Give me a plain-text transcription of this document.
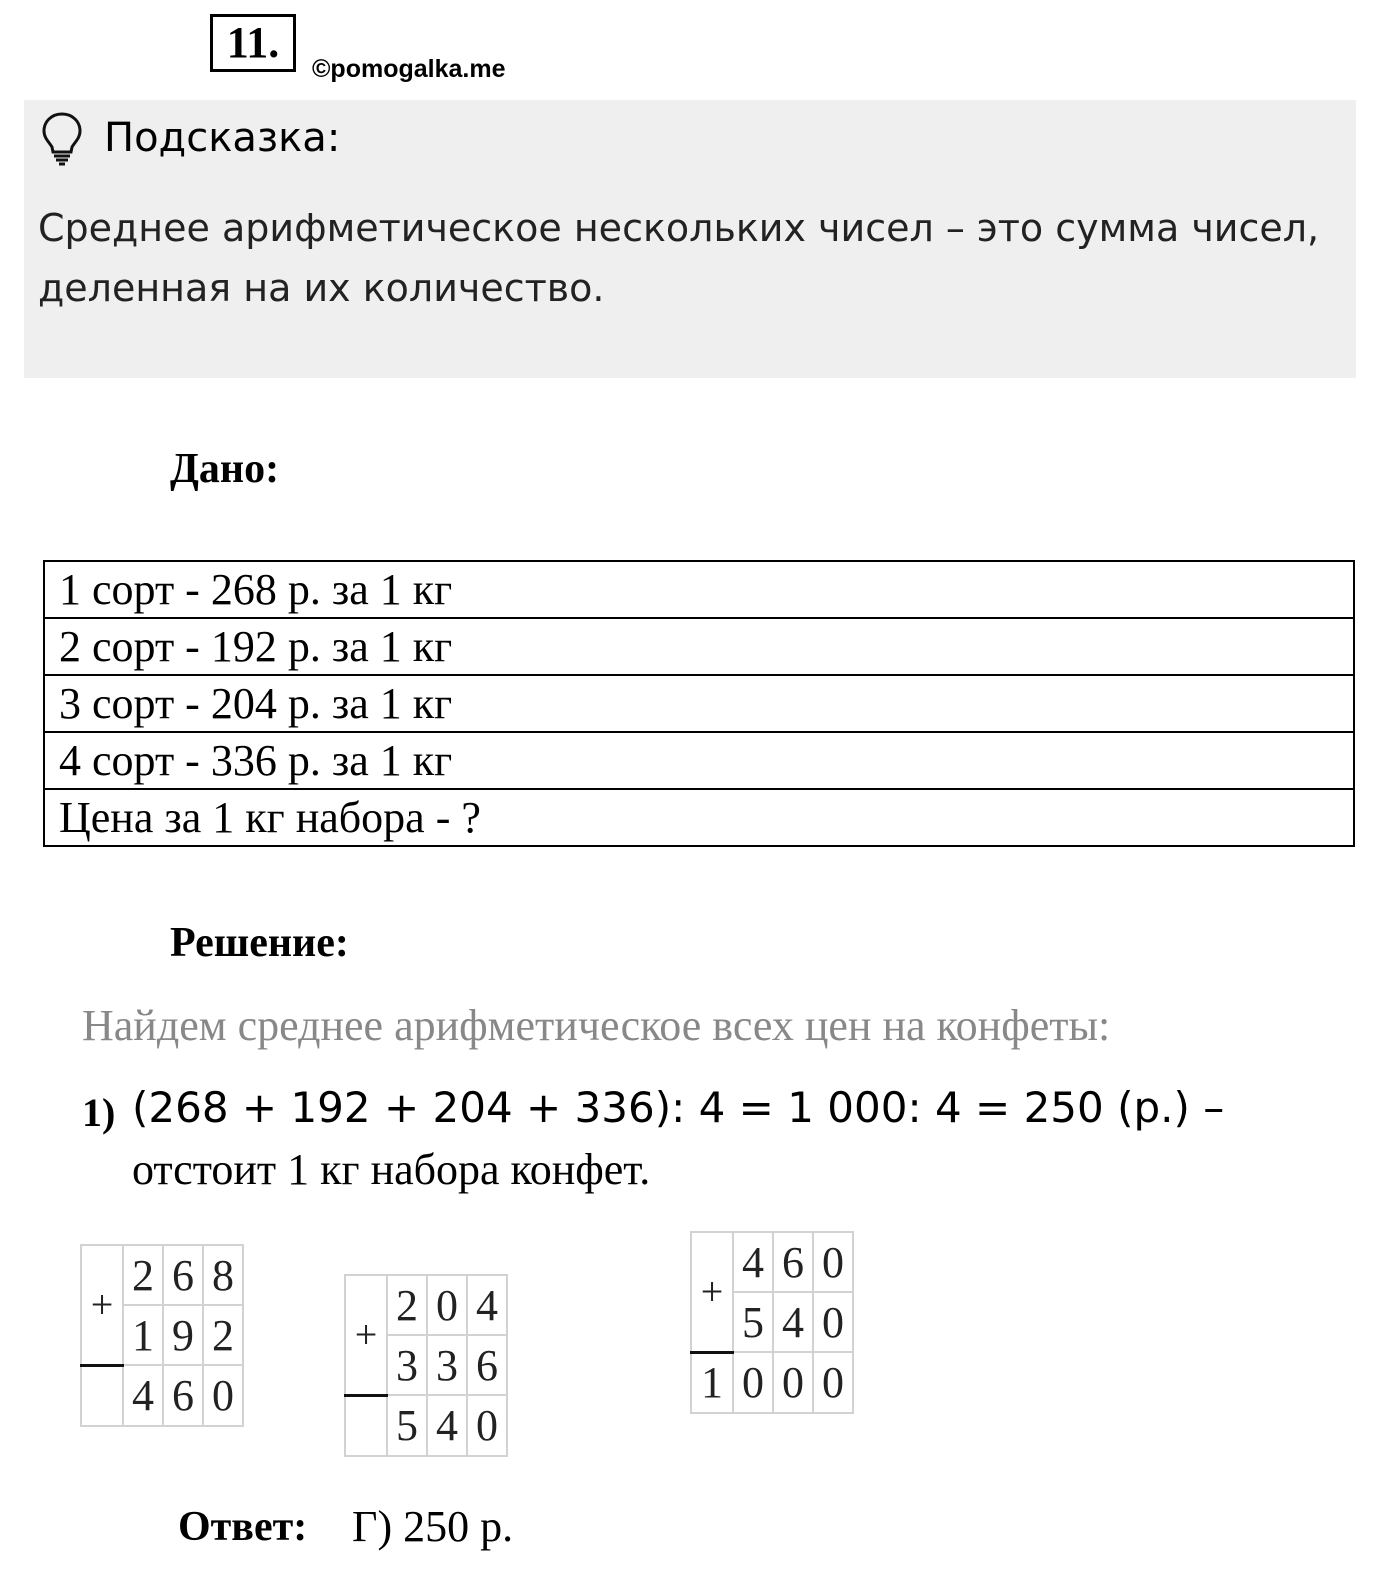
11.
©pomogalka.me
Подсказка:
Среднее арифметическое нескольких чисел – это сумма чисел, деленная на их количество.
Дано:
1 сорт - 268 р. за 1 кг
2 сорт - 192 р. за 1 кг
3 сорт - 204 р. за 1 кг
4 сорт - 336 р. за 1 кг
Цена за 1 кг набора - ?
Решение:
Найдем среднее арифметическое всех цен на конфеты:
1) (268 + 192 + 204 + 336): 4 = 1 000: 4 = 250 (р.) –
отстоит 1 кг набора конфет.
+	2	6	8
	1	9	2
	4	6	0
+	2	0	4
	3	3	6
	5	4	0
+	4	6	0
	5	4	0
1	0	0	0
Ответ: Г) 250 р.
